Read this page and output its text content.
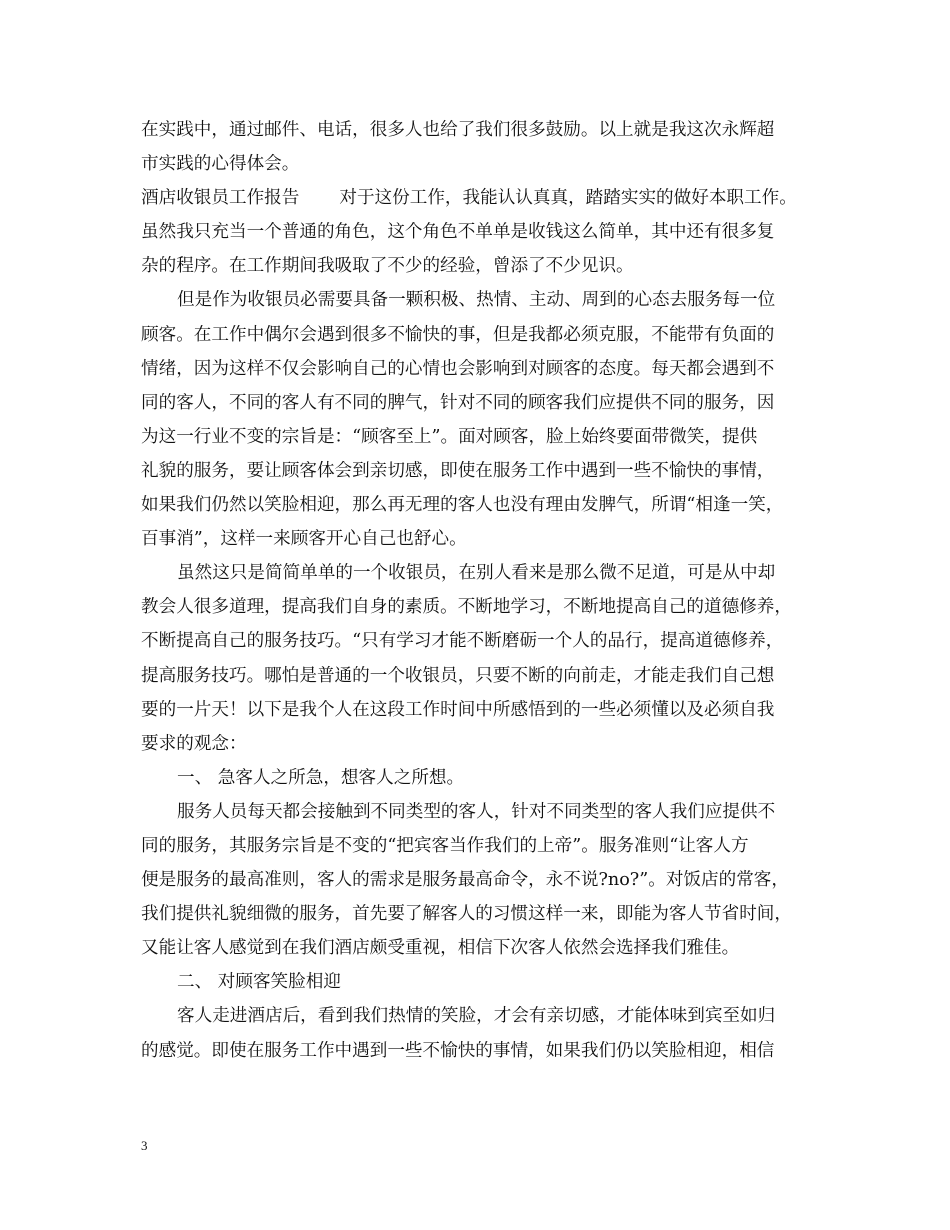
在实践中，通过邮件、电话，很多人也给了我们很多鼓励。以上就是我这次永辉超
市实践的心得体会。
酒店收银员工作报告 对于这份工作，我能认认真真，踏踏实实的做好本职工作。
虽然我只充当一个普通的角色，这个角色不单单是收钱这么简单，其中还有很多复
杂的程序。在工作期间我吸取了不少的经验，曾添了不少见识。
但是作为收银员必需要具备一颗积极、热情、主动、周到的心态去服务每一位
顾客。在工作中偶尔会遇到很多不愉快的事，但是我都必须克服，不能带有负面的
情绪，因为这样不仅会影响自己的心情也会影响到对顾客的态度。每天都会遇到不
同的客人，不同的客人有不同的脾气，针对不同的顾客我们应提供不同的服务，因
为这一行业不变的宗旨是：“顾客至上”。面对顾客，脸上始终要面带微笑，提供
礼貌的服务，要让顾客体会到亲切感，即使在服务工作中遇到一些不愉快的事情，
如果我们仍然以笑脸相迎，那么再无理的客人也没有理由发脾气，所谓“相逢一笑，
百事消”，这样一来顾客开心自己也舒心。
虽然这只是简简单单的一个收银员，在别人看来是那么微不足道，可是从中却
教会人很多道理，提高我们自身的素质。不断地学习，不断地提高自己的道德修养，
不断提高自己的服务技巧。“只有学习才能不断磨砺一个人的品行，提高道德修养，
提高服务技巧。哪怕是普通的一个收银员，只要不断的向前走，才能走我们自己想
要的一片天！以下是我个人在这段工作时间中所感悟到的一些必须懂以及必须自我
要求的观念：
一、 急客人之所急，想客人之所想。
服务人员每天都会接触到不同类型的客人，针对不同类型的客人我们应提供不
同的服务，其服务宗旨是不变的“把宾客当作我们的上帝”。服务准则“让客人方
便是服务的最高准则，客人的需求是服务最高命令，永不说?no?”。对饭店的常客，
我们提供礼貌细微的服务，首先要了解客人的习惯这样一来，即能为客人节省时间，
又能让客人感觉到在我们酒店颇受重视，相信下次客人依然会选择我们雅佳。
二、 对顾客笑脸相迎
客人走进酒店后，看到我们热情的笑脸，才会有亲切感，才能体味到宾至如归
的感觉。即使在服务工作中遇到一些不愉快的事情，如果我们仍以笑脸相迎，相信
3
